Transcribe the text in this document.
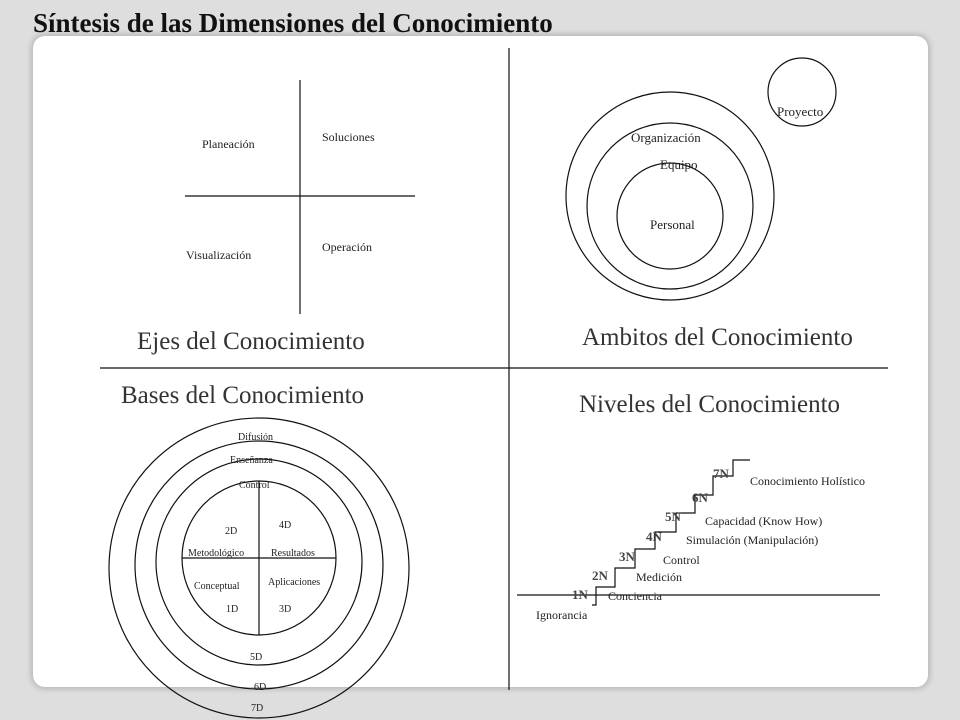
Síntesis de las Dimensiones del Conocimiento
Planeación	Soluciones
Visualización
Operación
Ejes del Conocimiento
Proyecto
Organización
Equipo
Personal
Ambitos del Conocimiento
Bases del Conocimiento
Difusión
Enseñanza
Control
2D
4D
Metodológico	Resultados
Conceptual	Aplicaciones
1D	3D
5D
6D
7D
Niveles del Conocimiento
1N
2N
3N
4N
5N
6N
7N
Ignorancia
Conciencia
Medición
Control
Simulación (Manipulación)
Capacidad (Know How)
Conocimiento Holístico
